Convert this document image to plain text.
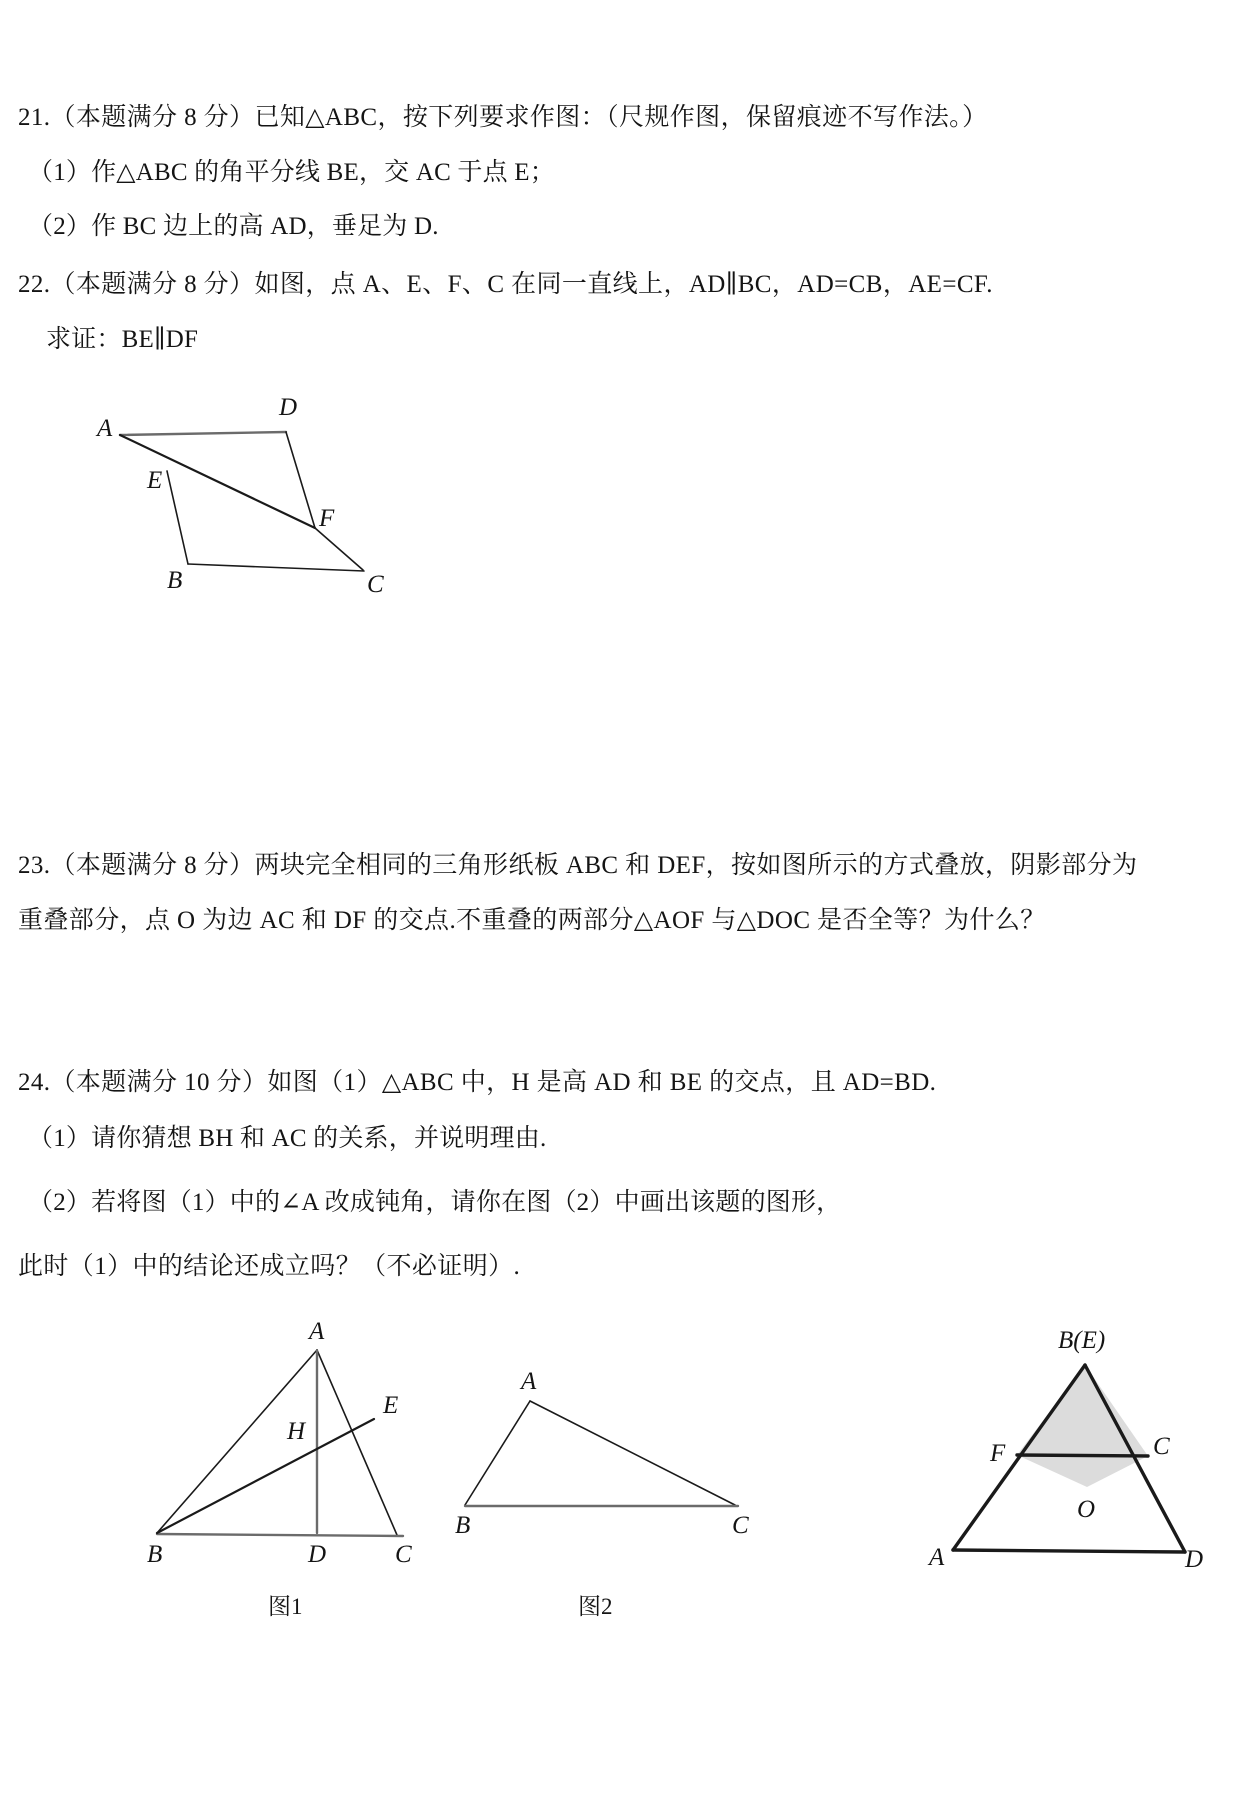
21.（本题满分 8 分）已知△ABC，按下列要求作图：（尺规作图，保留痕迹不写作法。）
（1）作△ABC 的角平分线 BE，交 AC 于点 E；
（2）作 BC 边上的高 AD，垂足为 D.
22.（本题满分 8 分）如图，点 A、E、F、C 在同一直线上，AD∥BC，AD=CB，AE=CF.
求证：BE∥DF
A
D
E
F
B	C
23.（本题满分 8 分）两块完全相同的三角形纸板 ABC 和 DEF，按如图所示的方式叠放，阴影部分为
重叠部分，点 O 为边 AC 和 DF 的交点.不重叠的两部分△AOF 与△DOC 是否全等？为什么？
24.（本题满分 10 分）如图（1）△ABC 中，H 是高 AD 和 BE 的交点，且 AD=BD.
（1）请你猜想 BH 和 AC 的关系，并说明理由.
（2）若将图（1）中的∠A 改成钝角，请你在图（2）中画出该题的图形，
此时（1）中的结论还成立吗？（不必证明）.
A
E
H
B	D	C
图1
A
B	C
图2
B(E)
F	C
O
A	D
